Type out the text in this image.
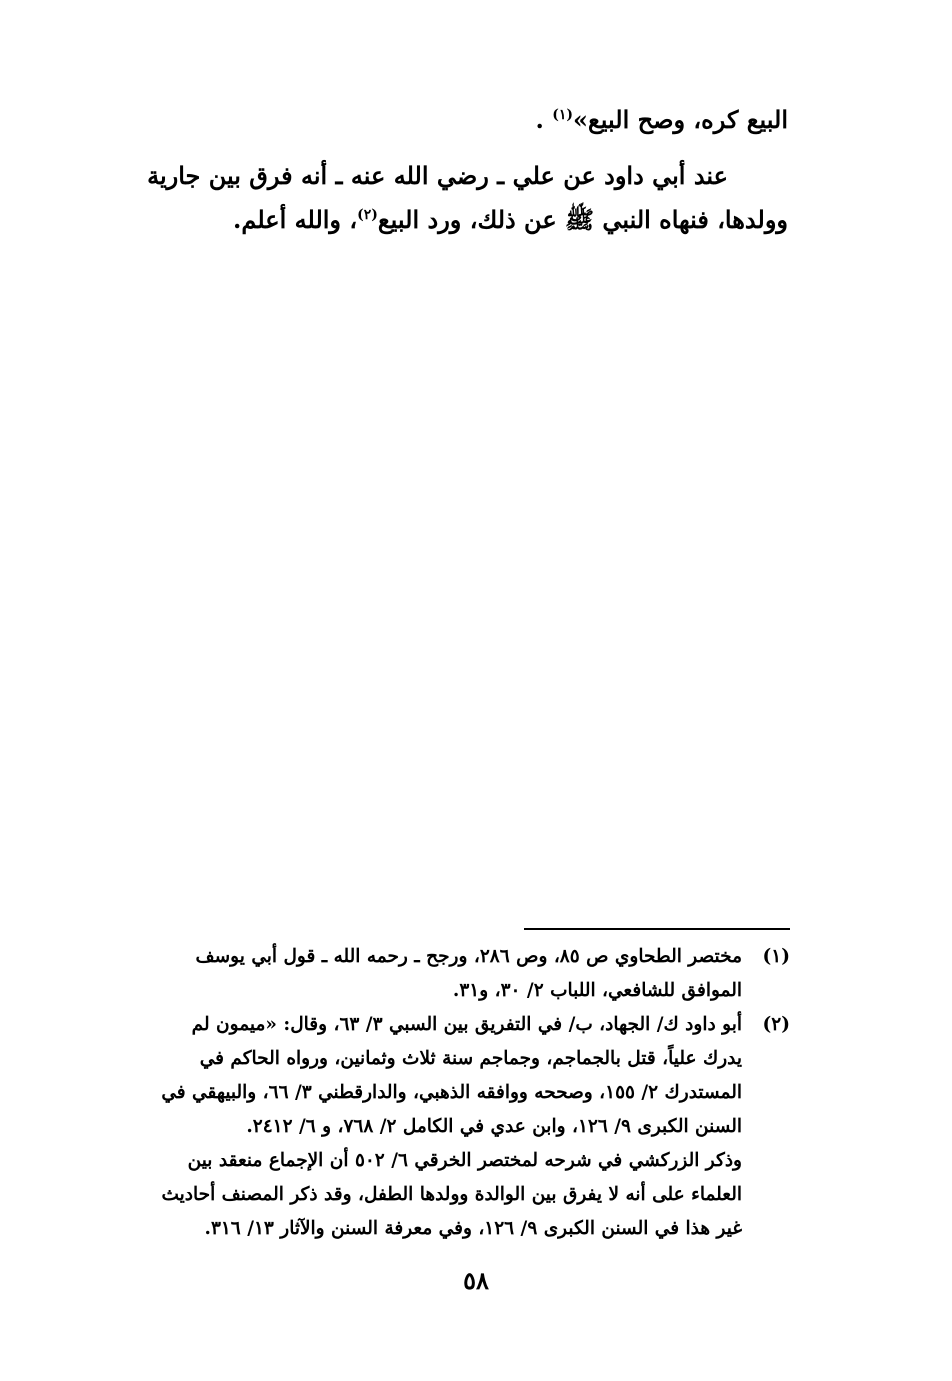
البيع كره، وصح البيع»$^{(١)}$ .
عند أبي داود عن علي ـ رضي الله عنه ـ أنه فرق بين جارية
وولدها، فنهاه النبي ﷺ عن ذلك، ورد البيع$^{(٢)}$، والله أعلم.
(١)
مختصر الطحاوي ص ٨٥، وص ٢٨٦، ورجح ـ رحمه الله ـ قول أبي يوسف
الموافق للشافعي، اللباب ٢/ ٣٠، و٣١.
(٢)
أبو داود ك/ الجهاد، ب/ في التفريق بين السبي ٣/ ٦٣، وقال: «ميمون لم
يدرك علياً، قتل بالجماجم، وجماجم سنة ثلاث وثمانين، ورواه الحاكم في
المستدرك ٢/ ١٥٥، وصححه ووافقه الذهبي، والدارقطني ٣/ ٦٦، والبيهقي في
السنن الكبرى ٩/ ١٢٦، وابن عدي في الكامل ٢/ ٧٦٨، و ٦/ ٢٤١٢.
وذكر الزركشي في شرحه لمختصر الخرقي ٦/ ٥٠٢ أن الإجماع منعقد بين
العلماء على أنه لا يفرق بين الوالدة وولدها الطفل، وقد ذكر المصنف أحاديث
غير هذا في السنن الكبرى ٩/ ١٢٦، وفي معرفة السنن والآثار ١٣/ ٣١٦.
٥٨
